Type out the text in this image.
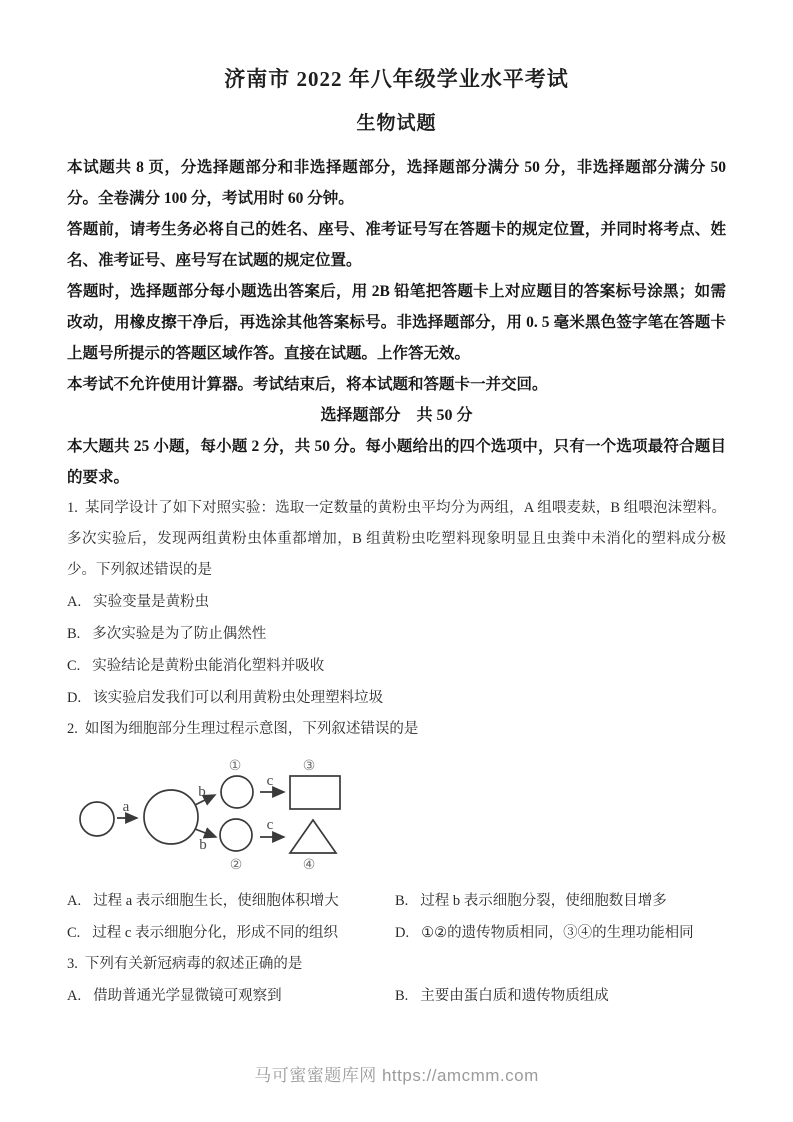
济南市 2022 年八年级学业水平考试
生物试题

本试题共 8 页，分选择题部分和非选择题部分，选择题部分满分 50 分，非选择题部分满分 50 分。全卷满分 100 分，考试用时 60 分钟。

答题前，请考生务必将自己的姓名、座号、准考证号写在答题卡的规定位置，并同时将考点、姓名、准考证号、座号写在试题的规定位置。

答题时，选择题部分每小题选出答案后，用 2B 铅笔把答题卡上对应题目的答案标号涂黑；如需改动，用橡皮擦干净后，再选涂其他答案标号。非选择题部分，用 0. 5 毫米黑色签字笔在答题卡上题号所提示的答题区域作答。直接在试题。上作答无效。

本考试不允许使用计算器。考试结束后，将本试题和答题卡一并交回。

选择题部分　共 50 分

本大题共 25 小题，每小题 2 分，共 50 分。每小题给出的四个选项中，只有一个选项最符合题目的要求。

1. 某同学设计了如下对照实验：选取一定数量的黄粉虫平均分为两组，A 组喂麦麸，B 组喂泡沫塑料。多次实验后，发现两组黄粉虫体重都增加，B 组黄粉虫吃塑料现象明显且虫粪中未消化的塑料成分极少。下列叙述错误的是

A. 实验变量是黄粉虫
B. 多次实验是为了防止偶然性
C. 实验结论是黄粉虫能消化塑料并吸收
D. 该实验启发我们可以利用黄粉虫处理塑料垃圾

2. 如图为细胞部分生理过程示意图，下列叙述错误的是

a
b
b
①
②
c
c
③
④
A. 过程 a 表示细胞生长，使细胞体积增大	B. 过程 b 表示细胞分裂，使细胞数目增多
C. 过程 c 表示细胞分化，形成不同的组织	D. ①②的遗传物质相同，③④的生理功能相同

3. 下列有关新冠病毒的叙述正确的是

A. 借助普通光学显微镜可观察到	B. 主要由蛋白质和遗传物质组成
马可蜜蜜题库网 https://amcmm.com
